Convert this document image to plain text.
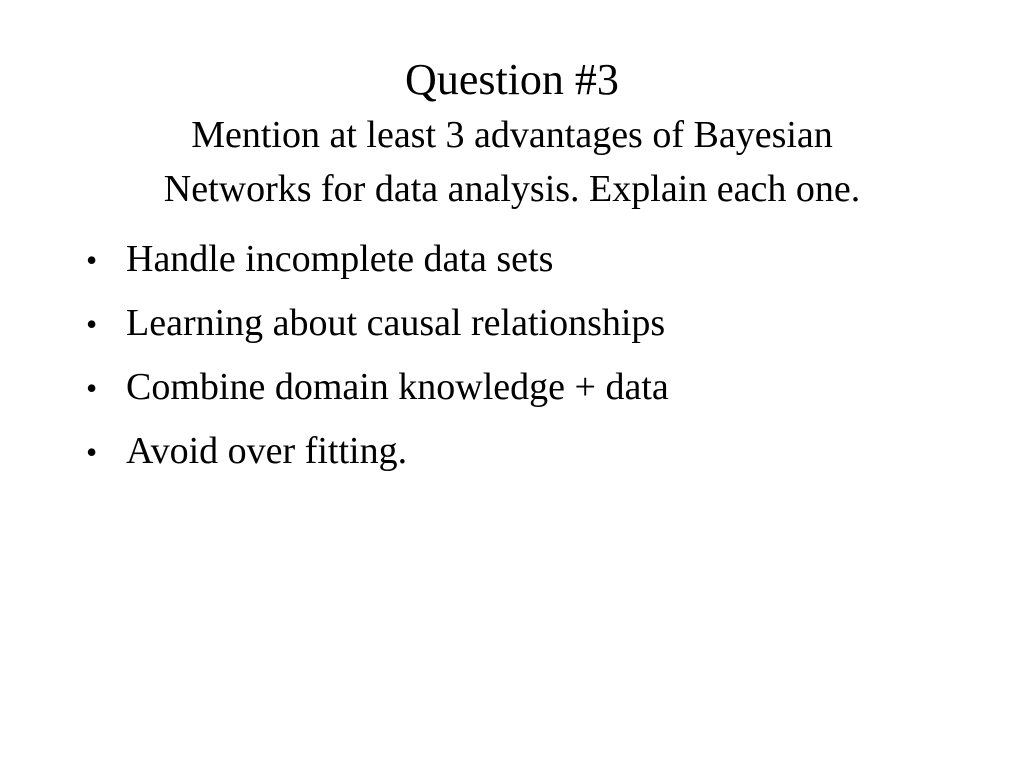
Question #3

Mention at least 3 advantages of Bayesian

Networks for data analysis. Explain each one.

• Handle incomplete data sets
• Learning about causal relationships
• Combine domain knowledge + data
• Avoid over fitting.
